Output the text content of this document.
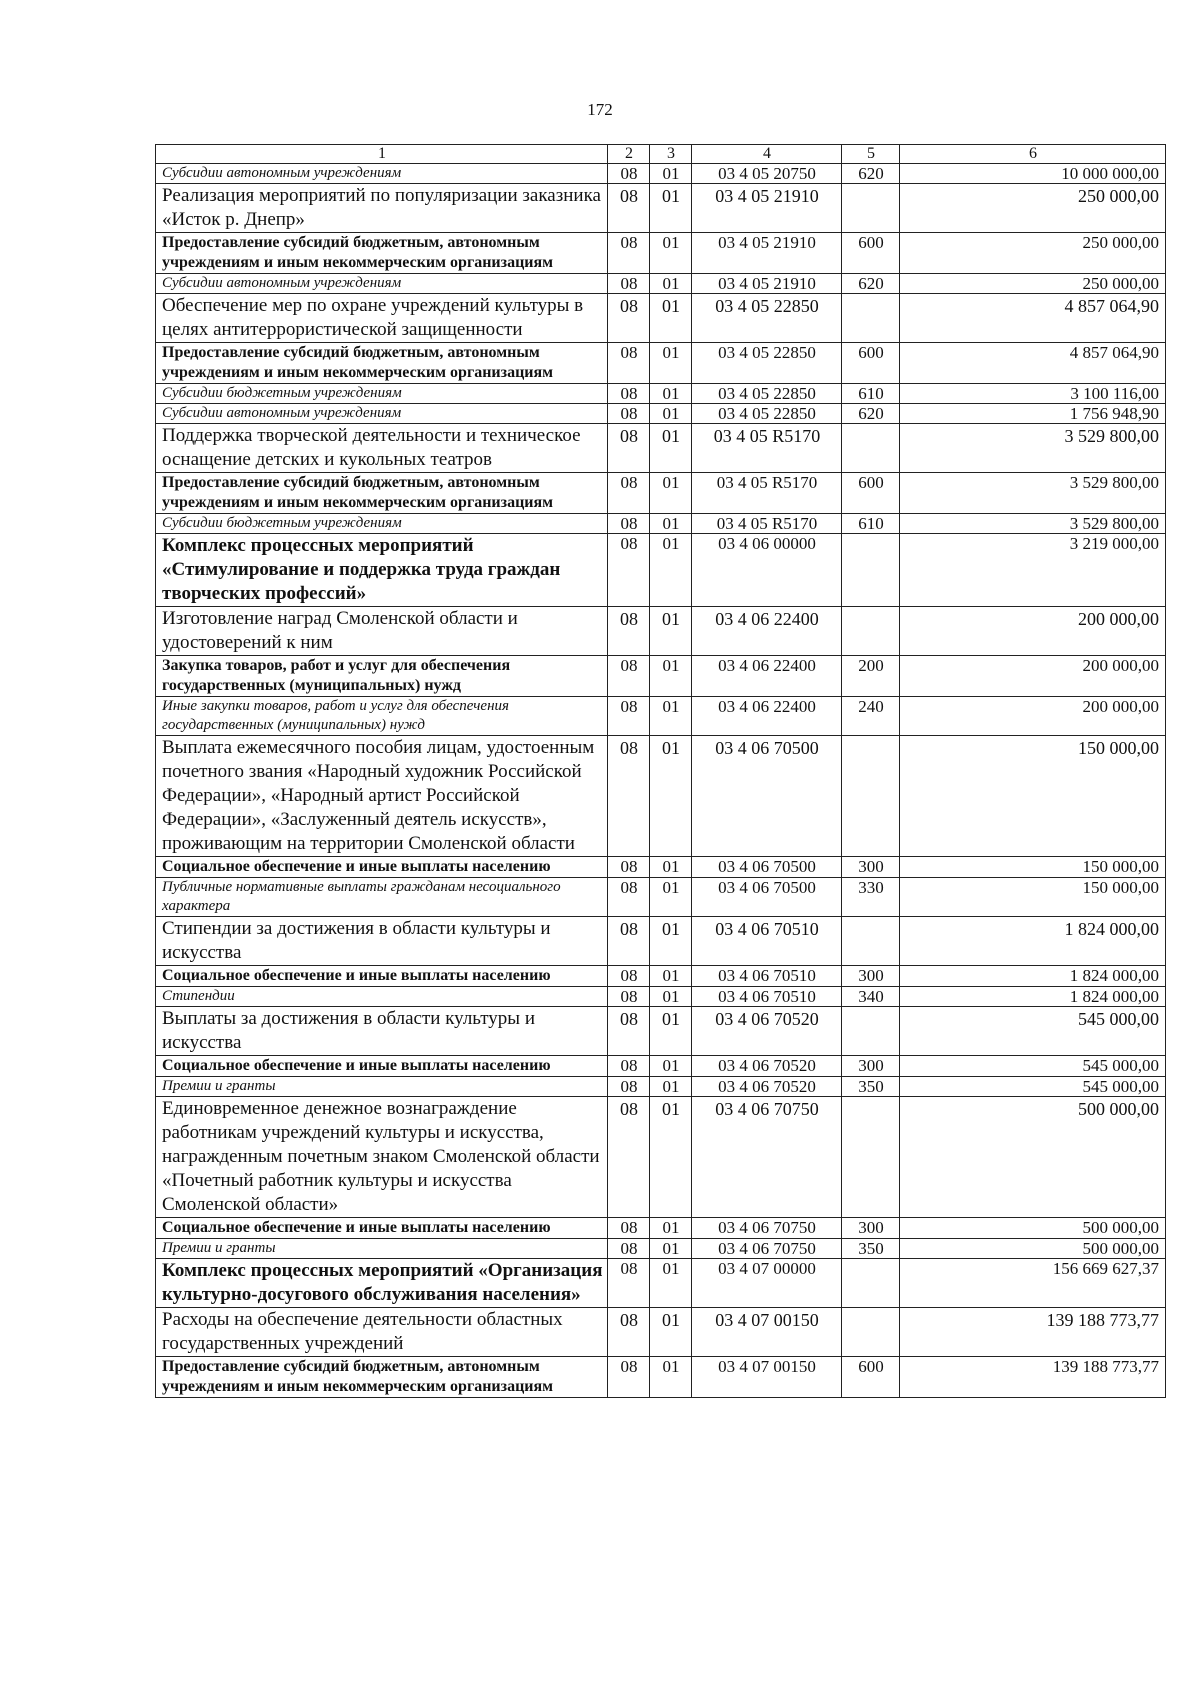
172
1	2	3	4	5	6
Субсидии автономным учреждениям	08	01	03 4 05 20750	620	10 000 000,00
Реализация мероприятий по популяризации заказника «Исток р. Днепр»	08	01	03 4 05 21910		250 000,00
Предоставление субсидий бюджетным, автономным учреждениям и иным некоммерческим организациям	08	01	03 4 05 21910	600	250 000,00
Субсидии автономным учреждениям	08	01	03 4 05 21910	620	250 000,00
Обеспечение мер по охране учреждений культуры в целях антитеррористической защищенности	08	01	03 4 05 22850		4 857 064,90
Предоставление субсидий бюджетным, автономным учреждениям и иным некоммерческим организациям	08	01	03 4 05 22850	600	4 857 064,90
Субсидии бюджетным учреждениям	08	01	03 4 05 22850	610	3 100 116,00
Субсидии автономным учреждениям	08	01	03 4 05 22850	620	1 756 948,90
Поддержка творческой деятельности и техническое оснащение детских и кукольных театров	08	01	03 4 05 R5170		3 529 800,00
Предоставление субсидий бюджетным, автономным учреждениям и иным некоммерческим организациям	08	01	03 4 05 R5170	600	3 529 800,00
Субсидии бюджетным учреждениям	08	01	03 4 05 R5170	610	3 529 800,00
Комплекс процессных мероприятий «Стимулирование и поддержка труда граждан творческих профессий»	08	01	03 4 06 00000		3 219 000,00
Изготовление наград Смоленской области и удостоверений к ним	08	01	03 4 06 22400		200 000,00
Закупка товаров, работ и услуг для обеспечения государственных (муниципальных) нужд	08	01	03 4 06 22400	200	200 000,00
Иные закупки товаров, работ и услуг для обеспечения государственных (муниципальных) нужд	08	01	03 4 06 22400	240	200 000,00
Выплата ежемесячного пособия лицам, удостоенным почетного звания «Народный художник Российской Федерации», «Народный артист Российской Федерации», «Заслуженный деятель искусств», проживающим на территории Смоленской области	08	01	03 4 06 70500		150 000,00
Социальное обеспечение и иные выплаты населению	08	01	03 4 06 70500	300	150 000,00
Публичные нормативные выплаты гражданам несоциального характера	08	01	03 4 06 70500	330	150 000,00
Стипендии за достижения в области культуры и искусства	08	01	03 4 06 70510		1 824 000,00
Социальное обеспечение и иные выплаты населению	08	01	03 4 06 70510	300	1 824 000,00
Стипендии	08	01	03 4 06 70510	340	1 824 000,00
Выплаты за достижения в области культуры и искусства	08	01	03 4 06 70520		545 000,00
Социальное обеспечение и иные выплаты населению	08	01	03 4 06 70520	300	545 000,00
Премии и гранты	08	01	03 4 06 70520	350	545 000,00
Единовременное денежное вознаграждение работникам учреждений культуры и искусства, награжденным почетным знаком Смоленской области «Почетный работник культуры и искусства Смоленской области»	08	01	03 4 06 70750		500 000,00
Социальное обеспечение и иные выплаты населению	08	01	03 4 06 70750	300	500 000,00
Премии и гранты	08	01	03 4 06 70750	350	500 000,00
Комплекс процессных мероприятий «Организация культурно-досугового обслуживания населения»	08	01	03 4 07 00000		156 669 627,37
Расходы на обеспечение деятельности областных государственных учреждений	08	01	03 4 07 00150		139 188 773,77
Предоставление субсидий бюджетным, автономным учреждениям и иным некоммерческим организациям	08	01	03 4 07 00150	600	139 188 773,77
